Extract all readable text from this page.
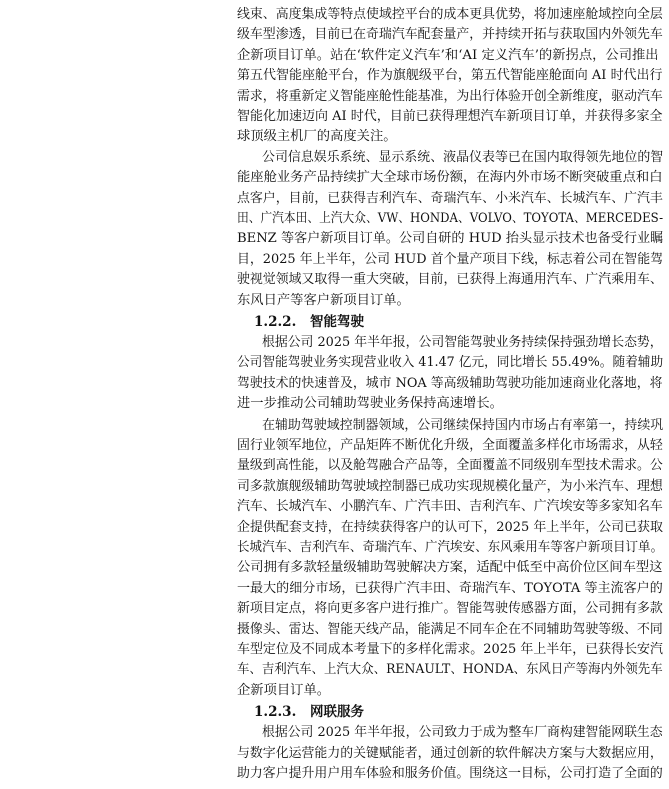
线束、高度集成等特点使域控平台的成本更具优势，将加速座舱域控向全层
级车型渗透，目前已在奇瑞汽车配套量产，并持续开拓与获取国内外领先车
企新项目订单。站在‘软件定义汽车’和‘AI 定义汽车’的新拐点，公司推出
第五代智能座舱平台，作为旗舰级平台，第五代智能座舱面向 AI 时代出行
需求，将重新定义智能座舱性能基准，为出行体验开创全新维度，驱动汽车
智能化加速迈向 AI 时代，目前已获得理想汽车新项目订单，并获得多家全
球顶级主机厂的高度关注。
公司信息娱乐系统、显示系统、液晶仪表等已在国内取得领先地位的智
能座舱业务产品持续扩大全球市场份额，在海内外市场不断突破重点和白
点客户，目前，已获得吉利汽车、奇瑞汽车、小米汽车、长城汽车、广汽丰
田、广汽本田、上汽大众、VW、HONDA、VOLVO、TOYOTA、MERCEDES-
BENZ 等客户新项目订单。公司自研的 HUD 抬头显示技术也备受行业瞩
目，2025 年上半年，公司 HUD 首个量产项目下线，标志着公司在智能驾
驶视觉领域又取得一重大突破，目前，已获得上海通用汽车、广汽乘用车、
东风日产等客户新项目订单。
1.2.2. 智能驾驶
根据公司 2025 年半年报，公司智能驾驶业务持续保持强劲增长态势，
公司智能驾驶业务实现营业收入 41.47 亿元，同比增长 55.49%。随着辅助
驾驶技术的快速普及，城市 NOA 等高级辅助驾驶功能加速商业化落地，将
进一步推动公司辅助驾驶业务保持高速增长。
在辅助驾驶域控制器领域，公司继续保持国内市场占有率第一，持续巩
固行业领军地位，产品矩阵不断优化升级，全面覆盖多样化市场需求，从轻
量级到高性能，以及舱驾融合产品等，全面覆盖不同级别车型技术需求。公
司多款旗舰级辅助驾驶域控制器已成功实现规模化量产，为小米汽车、理想
汽车、长城汽车、小鹏汽车、广汽丰田、吉利汽车、广汽埃安等多家知名车
企提供配套支持，在持续获得客户的认可下，2025 年上半年，公司已获取
长城汽车、吉利汽车、奇瑞汽车、广汽埃安、东风乘用车等客户新项目订单。
公司拥有多款轻量级辅助驾驶解决方案，适配中低至中高价位区间车型这
一最大的细分市场，已获得广汽丰田、奇瑞汽车、TOYOTA 等主流客户的
新项目定点，将向更多客户进行推广。智能驾驶传感器方面，公司拥有多款
摄像头、雷达、智能天线产品，能满足不同车企在不同辅助驾驶等级、不同
车型定位及不同成本考量下的多样化需求。2025 年上半年，已获得长安汽
车、吉利汽车、上汽大众、RENAULT、HONDA、东风日产等海内外领先车
企新项目订单。
1.2.3. 网联服务
根据公司 2025 年半年报，公司致力于成为整车厂商构建智能网联生态
与数字化运营能力的关键赋能者，通过创新的软件解决方案与大数据应用，
助力客户提升用户用车体验和服务价值。围绕这一目标，公司打造了全面的
